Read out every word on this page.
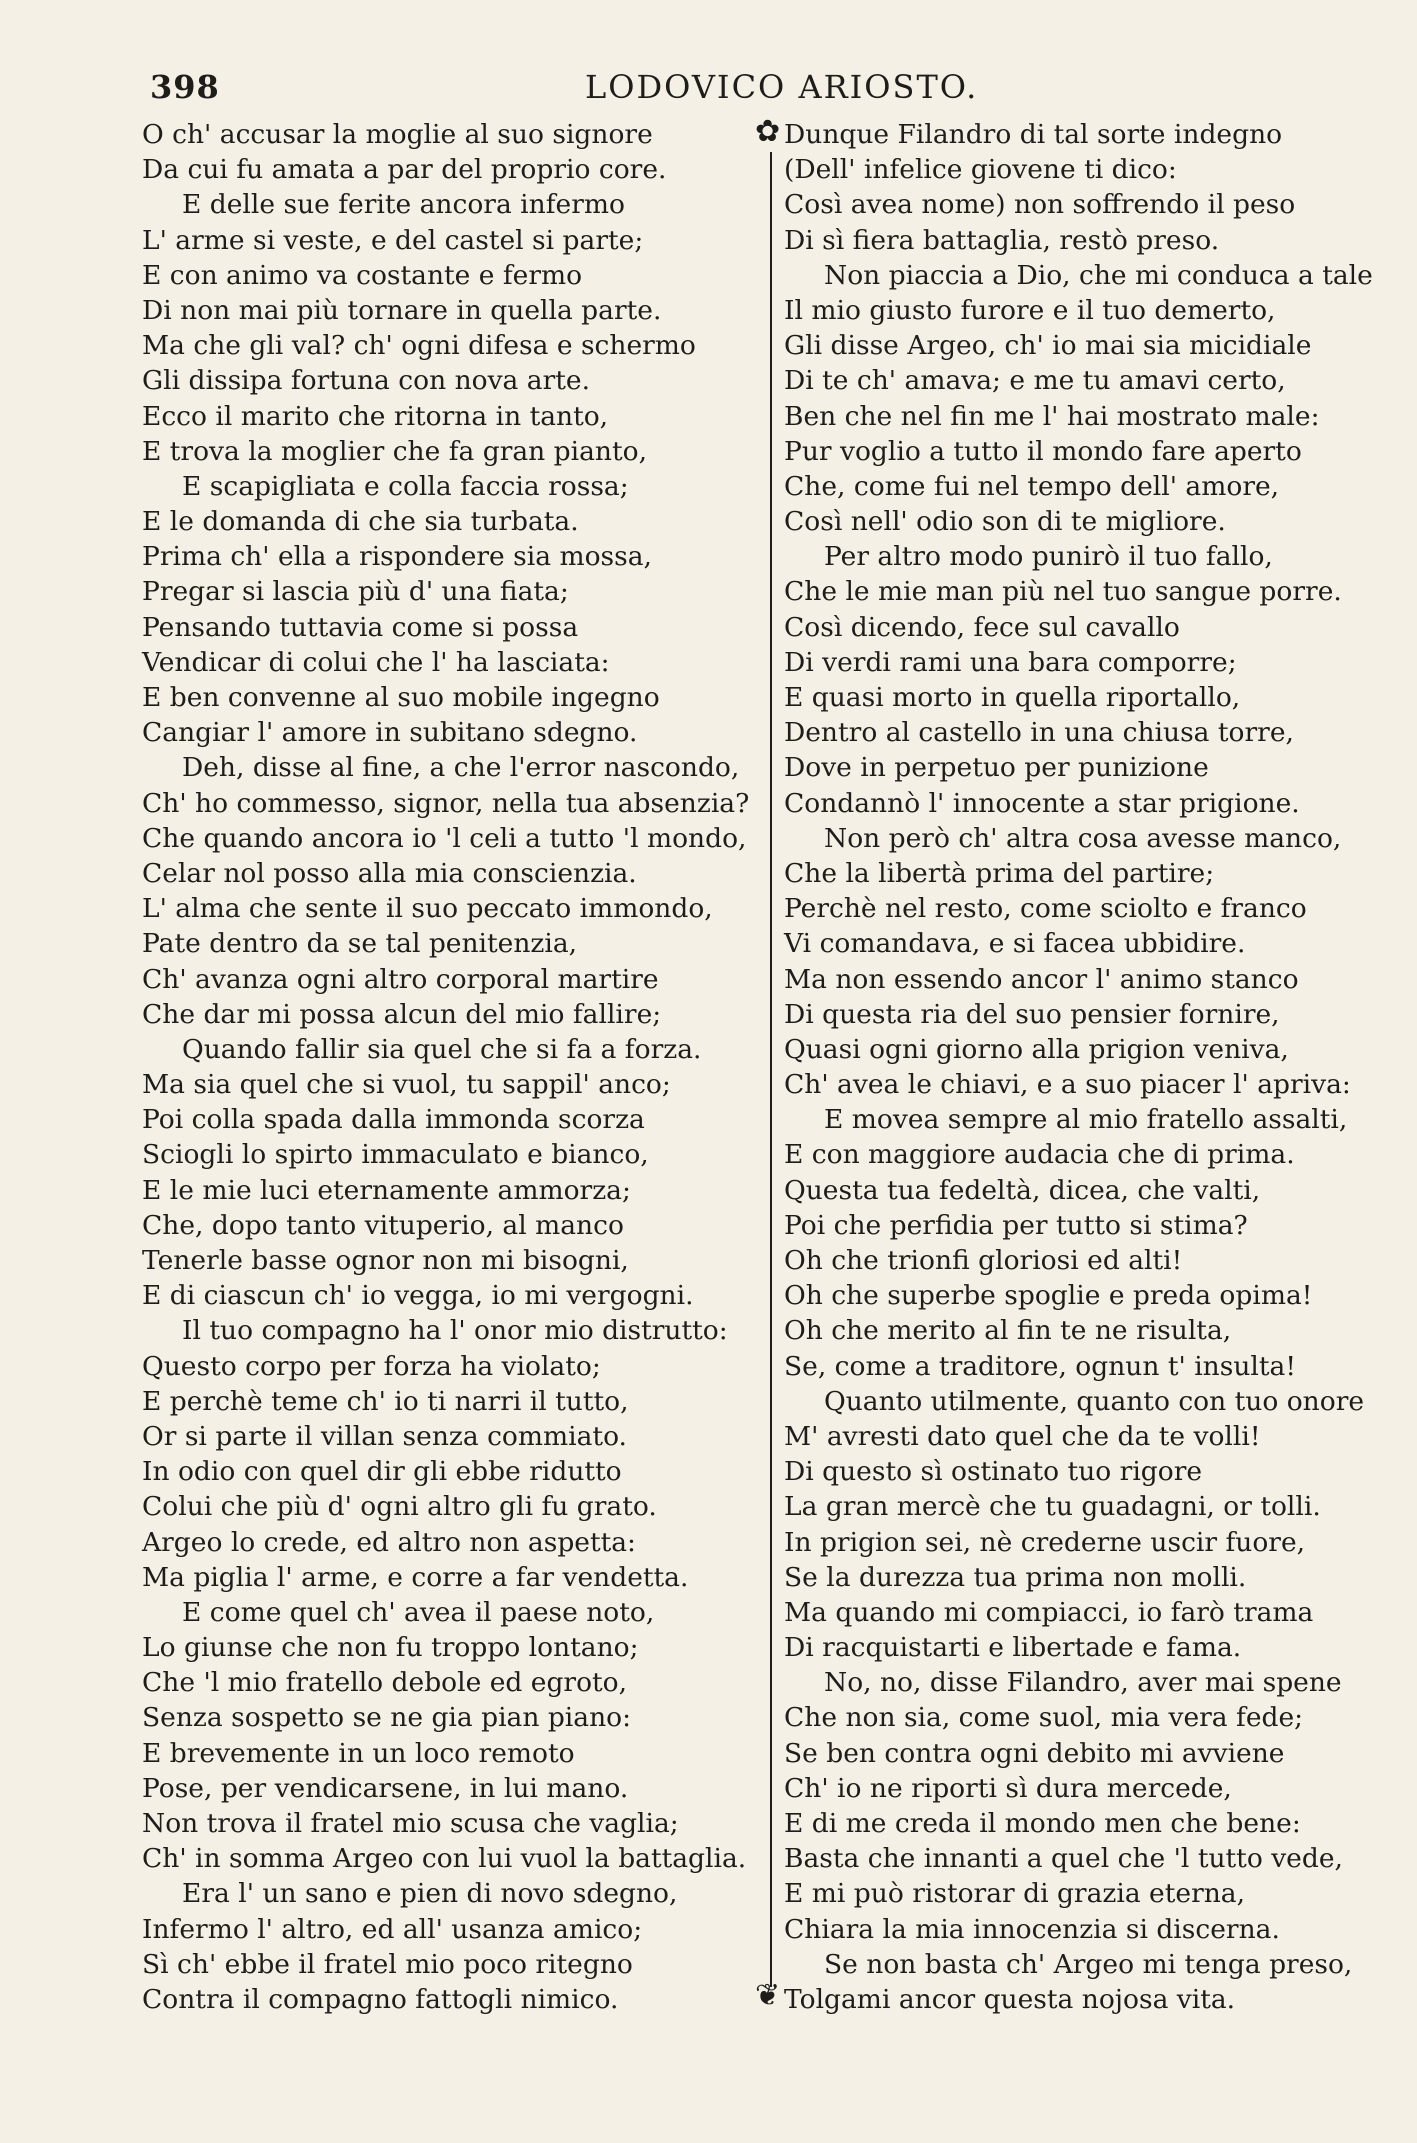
398	LODOVICO ARIOSTO.
O ch' accusar la moglie al suo signore
Da cui fu amata a par del proprio core.
E delle sue ferite ancora infermo
L' arme si veste, e del castel si parte;
E con animo va costante e fermo
Di non mai più tornare in quella parte.
Ma che gli val? ch' ogni difesa e schermo
Gli dissipa fortuna con nova arte.
Ecco il marito che ritorna in tanto,
E trova la moglier che fa gran pianto,
E scapigliata e colla faccia rossa;
E le domanda di che sia turbata.
Prima ch' ella a rispondere sia mossa,
Pregar si lascia più d' una fiata;
Pensando tuttavia come si possa
Vendicar di colui che l' ha lasciata:
E ben convenne al suo mobile ingegno
Cangiar l' amore in subitano sdegno.
Deh, disse al fine, a che l'error nascondo,
Ch' ho commesso, signor, nella tua absenzia?
Che quando ancora io 'l celi a tutto 'l mondo,
Celar nol posso alla mia conscienzia.
L' alma che sente il suo peccato immondo,
Pate dentro da se tal penitenzia,
Ch' avanza ogni altro corporal martire
Che dar mi possa alcun del mio fallire;
Quando fallir sia quel che si fa a forza.
Ma sia quel che si vuol, tu sappil' anco;
Poi colla spada dalla immonda scorza
Sciogli lo spirto immaculato e bianco,
E le mie luci eternamente ammorza;
Che, dopo tanto vituperio, al manco
Tenerle basse ognor non mi bisogni,
E di ciascun ch' io vegga, io mi vergogni.
Il tuo compagno ha l' onor mio distrutto:
Questo corpo per forza ha violato;
E perchè teme ch' io ti narri il tutto,
Or si parte il villan senza commiato.
In odio con quel dir gli ebbe ridutto
Colui che più d' ogni altro gli fu grato.
Argeo lo crede, ed altro non aspetta:
Ma piglia l' arme, e corre a far vendetta.
E come quel ch' avea il paese noto,
Lo giunse che non fu troppo lontano;
Che 'l mio fratello debole ed egroto,
Senza sospetto se ne gia pian piano:
E brevemente in un loco remoto
Pose, per vendicarsene, in lui mano.
Non trova il fratel mio scusa che vaglia;
Ch' in somma Argeo con lui vuol la battaglia.
Era l' un sano e pien di novo sdegno,
Infermo l' altro, ed all' usanza amico;
Sì ch' ebbe il fratel mio poco ritegno
Contra il compagno fattogli nimico.
✿
❦
Dunque Filandro di tal sorte indegno
(Dell' infelice giovene ti dico:
Così avea nome) non soffrendo il peso
Di sì fiera battaglia, restò preso.
Non piaccia a Dio, che mi conduca a tale
Il mio giusto furore e il tuo demerto,
Gli disse Argeo, ch' io mai sia micidiale
Di te ch' amava; e me tu amavi certo,
Ben che nel fin me l' hai mostrato male:
Pur voglio a tutto il mondo fare aperto
Che, come fui nel tempo dell' amore,
Così nell' odio son di te migliore.
Per altro modo punirò il tuo fallo,
Che le mie man più nel tuo sangue porre.
Così dicendo, fece sul cavallo
Di verdi rami una bara comporre;
E quasi morto in quella riportallo,
Dentro al castello in una chiusa torre,
Dove in perpetuo per punizione
Condannò l' innocente a star prigione.
Non però ch' altra cosa avesse manco,
Che la libertà prima del partire;
Perchè nel resto, come sciolto e franco
Vi comandava, e si facea ubbidire.
Ma non essendo ancor l' animo stanco
Di questa ria del suo pensier fornire,
Quasi ogni giorno alla prigion veniva,
Ch' avea le chiavi, e a suo piacer l' apriva:
E movea sempre al mio fratello assalti,
E con maggiore audacia che di prima.
Questa tua fedeltà, dicea, che valti,
Poi che perfidia per tutto si stima?
Oh che trionfi gloriosi ed alti!
Oh che superbe spoglie e preda opima!
Oh che merito al fin te ne risulta,
Se, come a traditore, ognun t' insulta!
Quanto utilmente, quanto con tuo onore
M' avresti dato quel che da te volli!
Di questo sì ostinato tuo rigore
La gran mercè che tu guadagni, or tolli.
In prigion sei, nè crederne uscir fuore,
Se la durezza tua prima non molli.
Ma quando mi compiacci, io farò trama
Di racquistarti e libertade e fama.
No, no, disse Filandro, aver mai spene
Che non sia, come suol, mia vera fede;
Se ben contra ogni debito mi avviene
Ch' io ne riporti sì dura mercede,
E di me creda il mondo men che bene:
Basta che innanti a quel che 'l tutto vede,
E mi può ristorar di grazia eterna,
Chiara la mia innocenzia si discerna.
Se non basta ch' Argeo mi tenga preso,
Tolgami ancor questa nojosa vita.
